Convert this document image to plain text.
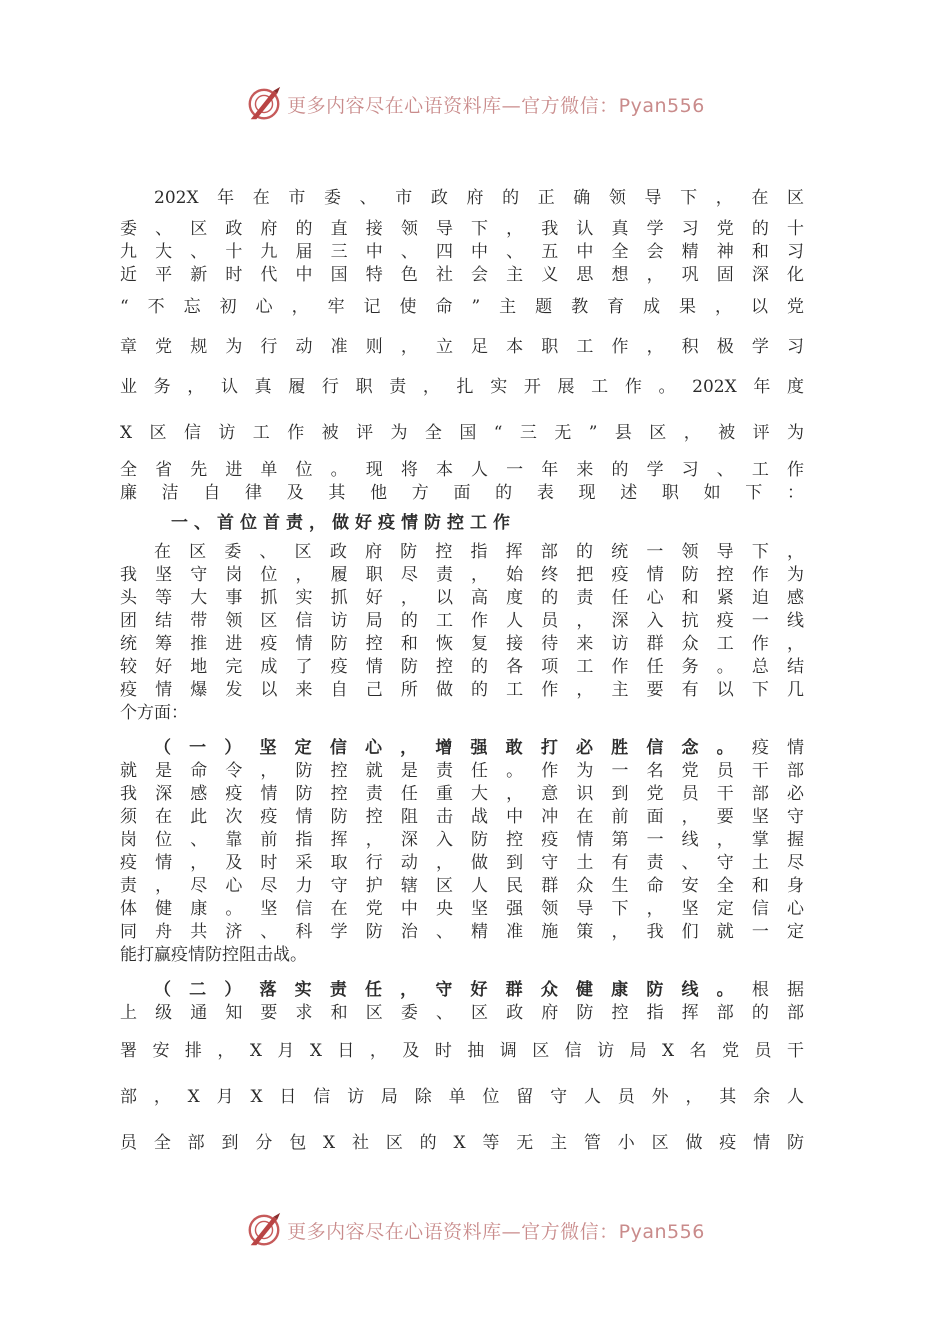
更多内容尽在心语资料库—官方微信：Pyan556

202X年在市委、市政府的正确领导下，在区

委、区政府的直接领导下，我认真学习党的十

九大、十九届三中、四中、五中全会精神和习

近平新时代中国特色社会主义思想，巩固深化

“不忘初心，牢记使命”主题教育成果，以党

章党规为行动准则，立足本职工作，积极学习

业务，认真履行职责，扎实开展工作。202X年度

X区信访工作被评为全国“三无”县区，被评为

全省先进单位。现将本人一年来的学习、工作

廉洁自律及其他方面的表现述职如下：

一、首位首责，做好疫情防控工作

在区委、区政府防控指挥部的统一领导下，

我坚守岗位，履职尽责，始终把疫情防控作为

头等大事抓实抓好，以高度的责任心和紧迫感

团结带领区信访局的工作人员，深入抗疫一线

统筹推进疫情防控和恢复接待来访群众工作，

较好地完成了疫情防控的各项工作任务。总结

疫情爆发以来自己所做的工作，主要有以下几

个方面：

（一）坚定信心，增强敢打必胜信念。疫情

就是命令，防控就是责任。作为一名党员干部

我深感疫情防控责任重大，意识到党员干部必

须在此次疫情防控阻击战中冲在前面，要坚守

岗位、靠前指挥，深入防控疫情第一线，掌握

疫情，及时采取行动，做到守土有责、守土尽

责，尽心尽力守护辖区人民群众生命安全和身

体健康。坚信在党中央坚强领导下，坚定信心

同舟共济、科学防治、精准施策，我们就一定

能打赢疫情防控阻击战。

（二）落实责任，守好群众健康防线。根据

上级通知要求和区委、区政府防控指挥部的部

署安排，X月X日，及时抽调区信访局X名党员干

部，X月X日信访局除单位留守人员外，其余人

员全部到分包X社区的X等无主管小区做疫情防

更多内容尽在心语资料库—官方微信：Pyan556
